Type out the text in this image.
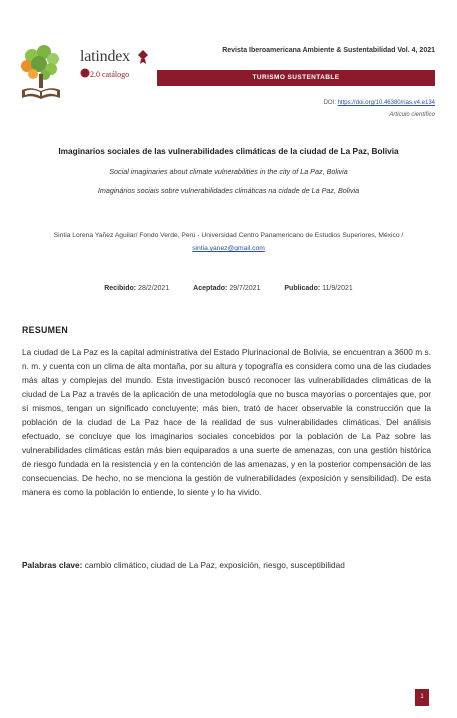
latindex
2.0 catálogo
Revista Iberoamericana Ambiente & Sustentabilidad Vol. 4, 2021
TURISMO SUSTENTABLE
DOI: https://doi.org/10.46380/rias.v4.e134
Artículo científico
Imaginarios sociales de las vulnerabilidades climáticas de la ciudad de La Paz, Bolivia
Social imaginaries about climate vulnerabilities in the city of La Paz, Bolivia
Imaginários sociais sobre vulnerabilidades climáticas na cidade de La Paz, Bolivia
Sintia Lorena Yañez Aguilar/ Fondo Verde, Perú - Universidad Centro Panamericano de Estudios Superiores, México /
sintia.yanez@gmail.com
Recibido: 28/2/2021	Aceptado: 29/7/2021	Publicado: 11/9/2021
RESUMEN
La ciudad de La Paz es la capital administrativa del Estado Plurinacional de Bolivia, se encuentran a 3600 m s. n. m. y cuenta con un clima de alta montaña, por su altura y topografía es considera como una de las ciudades más altas y complejas del mundo. Esta investigación buscó reconocer las vulnerabilidades climáticas de la ciudad de La Paz a través de la aplicación de una metodología que no busca mayorías o porcentajes que, por sí mismos, tengan un significado concluyente; más bien, trató de hacer observable la construcción que la población de la ciudad de La Paz hace de la realidad de sus vulnerabilidades climáticas. Del análisis efectuado, se concluye que los imaginarios sociales concebidos por la población de La Paz sobre las vulnerabilidades climáticas están más bien equiparados a una suerte de amenazas, con una gestión histórica de riesgo fundada en la resistencia y en la contención de las amenazas, y en la posterior compensación de las consecuencias. De hecho, no se menciona la gestión de vulnerabilidades (exposición y sensibilidad). De esta manera es como la población lo entiende, lo siente y lo ha vivido.
Palabras clave: cambio climático, ciudad de La Paz, exposición, riesgo, susceptibilidad
1
